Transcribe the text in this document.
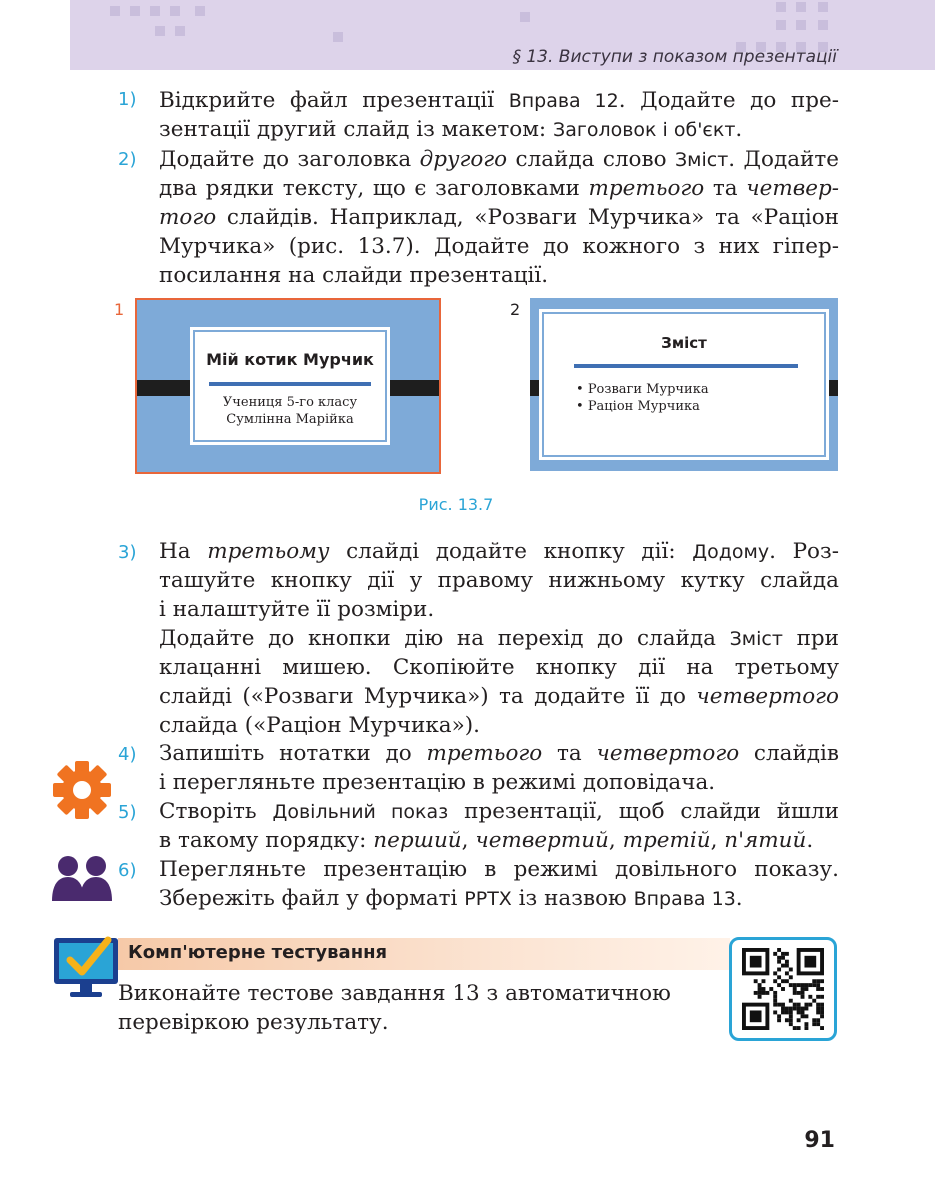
§ 13. Виступи з показом презентації
1)	Відкрийте файл презентації Вправа 12. Додайте до пре-
зентації другий слайд із макетом: Заголовок і об'єкт.
2)	Додайте до заголовка другого слайда слово Зміст. Додайте
два рядки тексту, що є заголовками третього та четвер-
того слайдів. Наприклад, «Розваги Мурчика» та «Раціон
Мурчика» (рис. 13.7). Додайте до кожного з них гіпер-
посилання на слайди презентації.
3)	На третьому слайді додайте кнопку дії: Додому. Роз-
ташуйте кнопку дії у правому нижньому кутку слайда
і налаштуйте її розміри.
Додайте до кнопки дію на перехід до слайда Зміст при
клацанні мишею. Скопіюйте кнопку дії на третьому
слайді («Розваги Мурчика») та додайте її до четвертого
слайда («Раціон Мурчика»).
4)	Запишіть нотатки до третього та четвертого слайдів
і перегляньте презентацію в режимі доповідача.
5)	Створіть Довільний показ презентації, щоб слайди йшли
в такому порядку: перший, четвертий, третій, п'ятий.
6)	Перегляньте презентацію в режимі довільного показу.
Збережіть файл у форматі PPTX із назвою Вправа 13.
1
Мій котик Мурчик
Учениця 5-го класу
Сумлінна Марійка
2
Зміст
• Розваги Мурчика
• Раціон Мурчика
Рис. 13.7
Комп'ютерне тестування
Виконайте тестове завдання 13 з автоматичною
перевіркою результату.
91
